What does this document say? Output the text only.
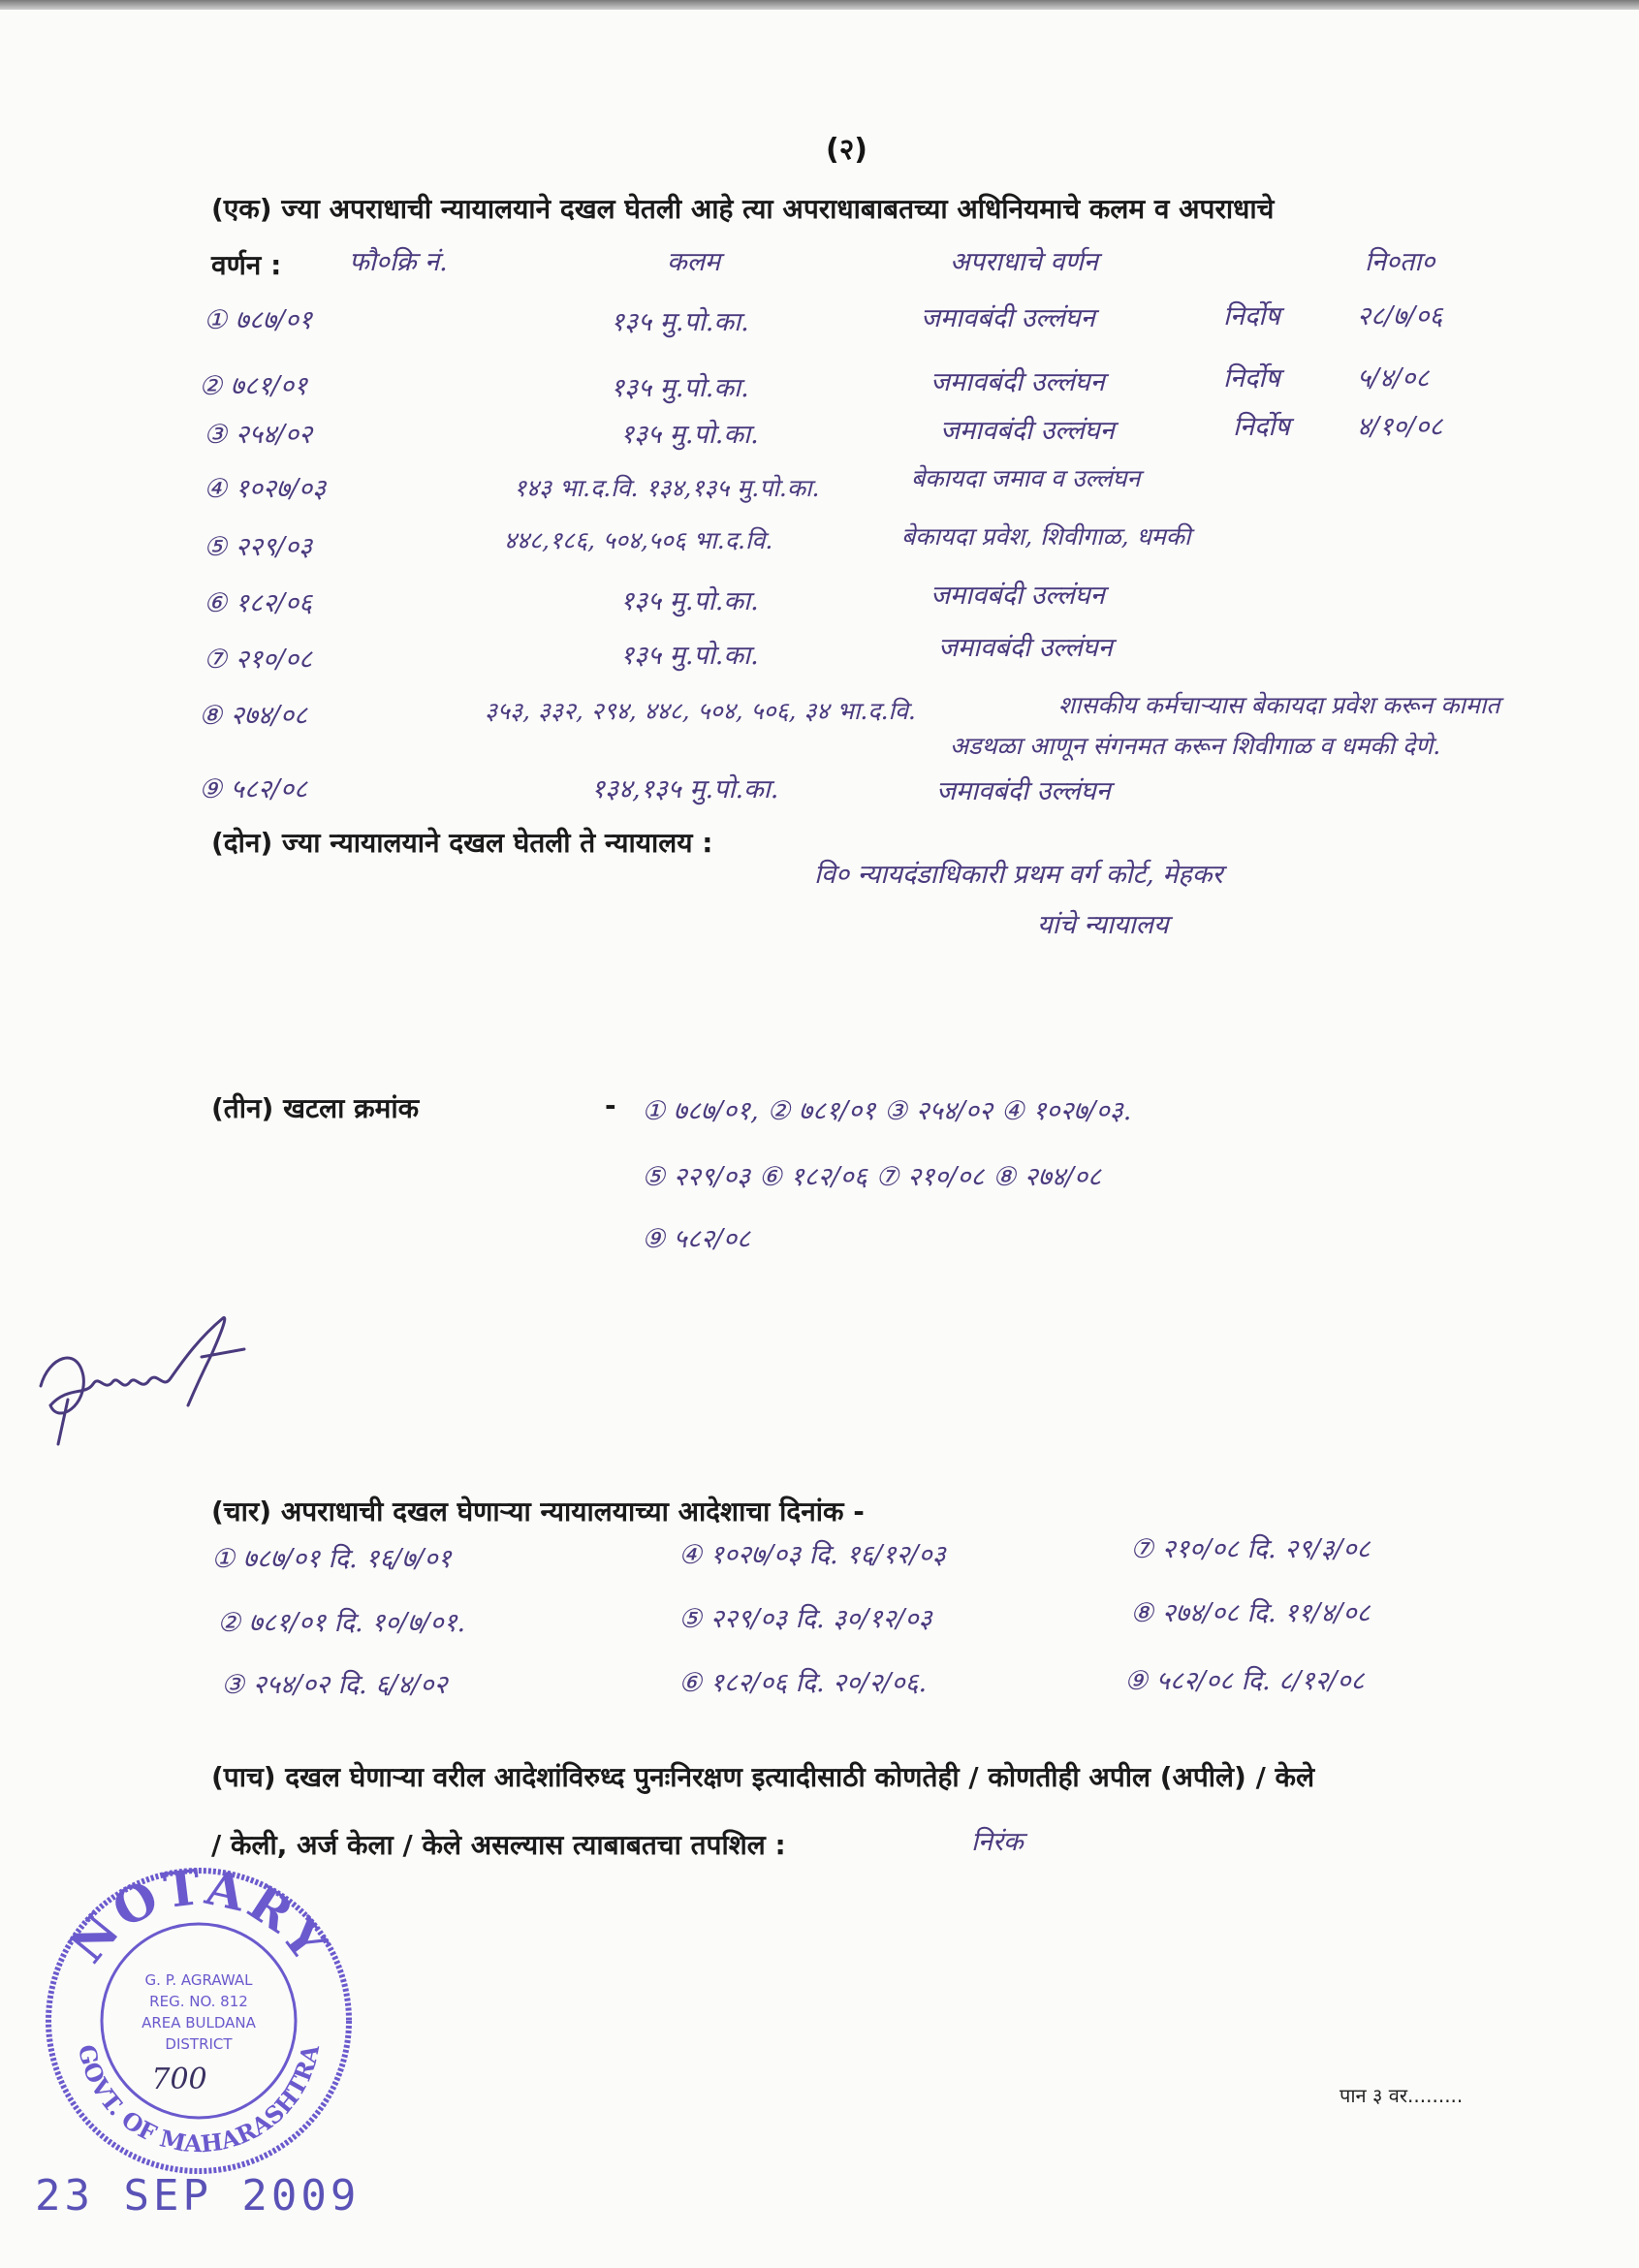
(२)
(एक) ज्या अपराधाची न्यायालयाने दखल घेतली आहे त्या अपराधाबाबतच्या अधिनियमाचे कलम व अपराधाचे
वर्णन :	फौ०क्रि नं.	कलम	अपराधाचे वर्णन	नि०ता०
① ७८७/०१	१३५ मु.पो.का.	जमावबंदी उल्लंघन	निर्दोष	२८/७/०६
② ७८१/०१	१३५ मु.पो.का.	जमावबंदी उल्लंघन	निर्दोष	५/४/०८
③ २५४/०२	१३५ मु.पो.का.	जमावबंदी उल्लंघन	निर्दोष	४/१०/०८
④ १०२७/०३	१४३ भा.द.वि. १३४,१३५ मु.पो.का.	बेकायदा जमाव व उल्लंघन
⑤ २२९/०३	४४८,१८६, ५०४,५०६ भा.द.वि.	बेकायदा प्रवेश, शिवीगाळ, धमकी
⑥ १८२/०६	१३५ मु.पो.का.	जमावबंदी उल्लंघन
⑦ २१०/०८	१३५ मु.पो.का.	जमावबंदी उल्लंघन
⑧ २७४/०८	३५३, ३३२, २९४, ४४८, ५०४, ५०६, ३४ भा.द.वि.	शासकीय कर्मचाऱ्यास बेकायदा प्रवेश करून कामात
अडथळा आणून संगनमत करून शिवीगाळ व धमकी देणे.
⑨ ५८२/०८	१३४,१३५ मु.पो.का.	जमावबंदी उल्लंघन
(दोन) ज्या न्यायालयाने दखल घेतली ते न्यायालय :
वि० न्यायदंडाधिकारी प्रथम वर्ग कोर्ट, मेहकर
यांचे न्यायालय
(तीन) खटला क्रमांक	- ① ७८७/०१, ② ७८१/०१ ③ २५४/०२ ④ १०२७/०३.
⑤ २२९/०३ ⑥ १८२/०६ ⑦ २१०/०८ ⑧ २७४/०८
⑨ ५८२/०८
(चार) अपराधाची दखल घेणाऱ्या न्यायालयाच्या आदेशाचा दिनांक -
① ७८७/०१ दि. १६/७/०१	④ १०२७/०३ दि. १६/१२/०३	⑦ २१०/०८ दि. २९/३/०८
② ७८१/०१ दि. १०/७/०१.	⑤ २२९/०३ दि. ३०/१२/०३	⑧ २७४/०८ दि. ११/४/०८
③ २५४/०२ दि. ६/४/०२	⑥ १८२/०६ दि. २०/२/०६.	⑨ ५८२/०८ दि. ८/१२/०८
(पाच) दखल घेणाऱ्या वरील आदेशांविरुध्द पुनःनिरक्षण इत्यादीसाठी कोणतेही / कोणतीही अपील (अपीले) / केले
/ केली, अर्ज केला / केले असल्यास त्याबाबतचा तपशिल :	निरंक
NOTARY
GOVT. OF MAHARASHTRA
G. P. AGRAWAL
REG. NO. 812
AREA BULDANA
DISTRICT
700
23 SEP 2009
पान ३ वर.........
